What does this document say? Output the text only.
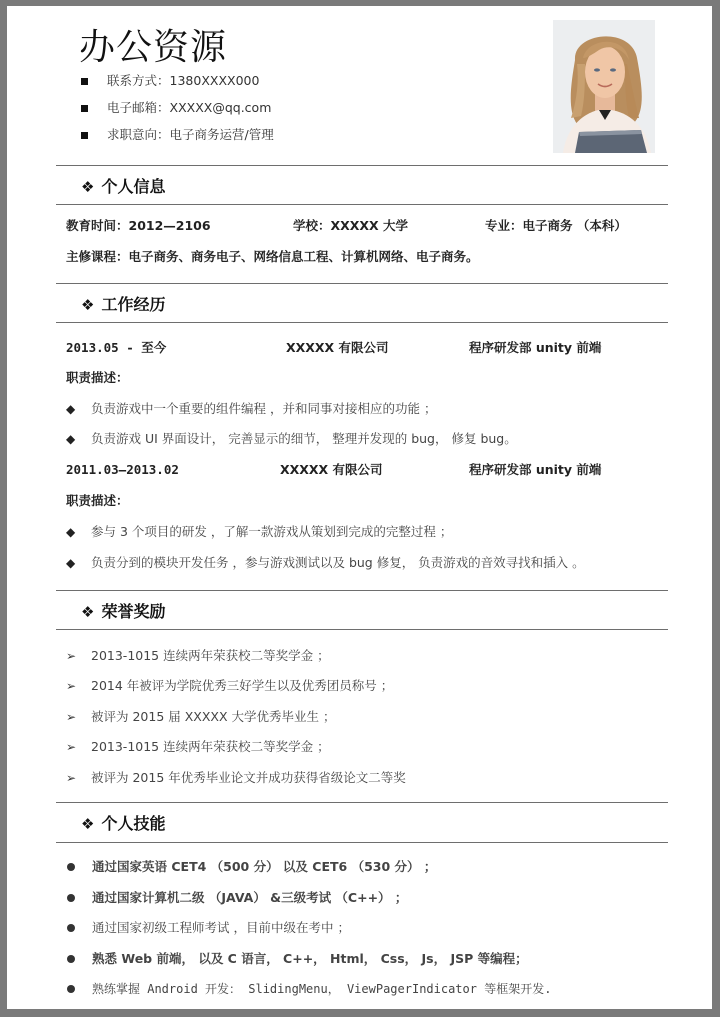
办公资源
联系方式： 1380XXXX000
电子邮箱： XXXXX@qq.com
求职意向： 电子商务运营/管理
❖ 个人信息
教育时间：2012—2106	学校：XXXXX 大学	专业：电子商务 （本科）
主修课程：电子商务、商务电子、网络信息工程、计算机网络、电子商务。
❖ 工作经历
2013.05 - 至今	XXXXX 有限公司	程序研发部 unity 前端
职责描述：
◆	负责游戏中一个重要的组件编程 ，并和同事对接相应的功能 ；
◆	负责游戏 UI 界面设计， 完善显示的细节， 整理并发现的 bug， 修复 bug。
2011.03—2013.02	XXXXX 有限公司	程序研发部 unity 前端
职责描述：
◆	参与 3 个项目的研发 ，了解一款游戏从策划到完成的完整过程 ；
◆	负责分到的模块开发任务 ，参与游戏测试以及 bug 修复， 负责游戏的音效寻找和插入 。
❖ 荣誉奖励
➢	2013-1015 连续两年荣获校二等奖学金 ；
➢	2014 年被评为学院优秀三好学生以及优秀团员称号 ；
➢	被评为 2015 届 XXXXX 大学优秀毕业生 ；
➢	2013-1015 连续两年荣获校二等奖学金 ；
➢	被评为 2015 年优秀毕业论文并成功获得省级论文二等奖
❖ 个人技能
通过国家英语 CET4 （500 分） 以及 CET6 （530 分） ；
通过国家计算机二级 （JAVA） &三级考试 （C++） ；
通过国家初级工程师考试 ，目前中级在考中 ；
熟悉 Web 前端， 以及 C 语言， C++， Html， Css， Js， JSP 等编程；
熟练掌握 Android 开发： SlidingMenu， ViewPagerIndicator 等框架开发.
